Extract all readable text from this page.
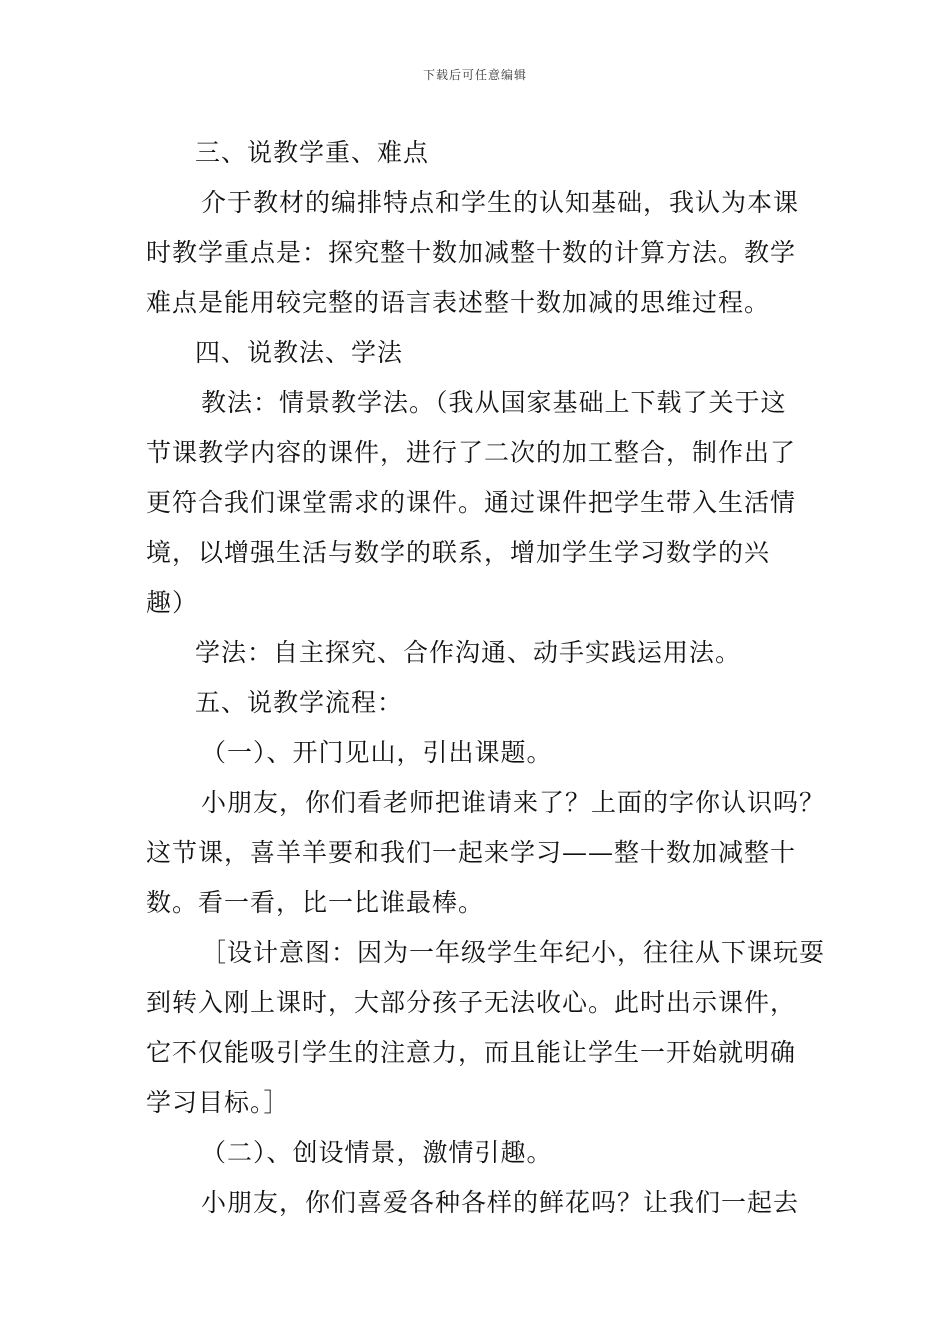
下载后可任意编辑
三、说教学重、难点
介于教材的编排特点和学生的认知基础，我认为本课
时教学重点是：探究整十数加减整十数的计算方法。教学
难点是能用较完整的语言表述整十数加减的思维过程。
四、说教法、学法
教法：情景教学法。（我从国家基础上下载了关于这
节课教学内容的课件，进行了二次的加工整合，制作出了
更符合我们课堂需求的课件。通过课件把学生带入生活情
境，以增强生活与数学的联系，增加学生学习数学的兴
趣）
学法：自主探究、合作沟通、动手实践运用法。
五、说教学流程：
（一）、开门见山，引出课题。
小朋友，你们看老师把谁请来了？上面的字你认识吗？
这节课，喜羊羊要和我们一起来学习——整十数加减整十
数。看一看，比一比谁最棒。
［设计意图：因为一年级学生年纪小，往往从下课玩耍
到转入刚上课时，大部分孩子无法收心。此时出示课件，
它不仅能吸引学生的注意力，而且能让学生一开始就明确
学习目标。］
（二）、创设情景，激情引趣。
小朋友，你们喜爱各种各样的鲜花吗？让我们一起去
